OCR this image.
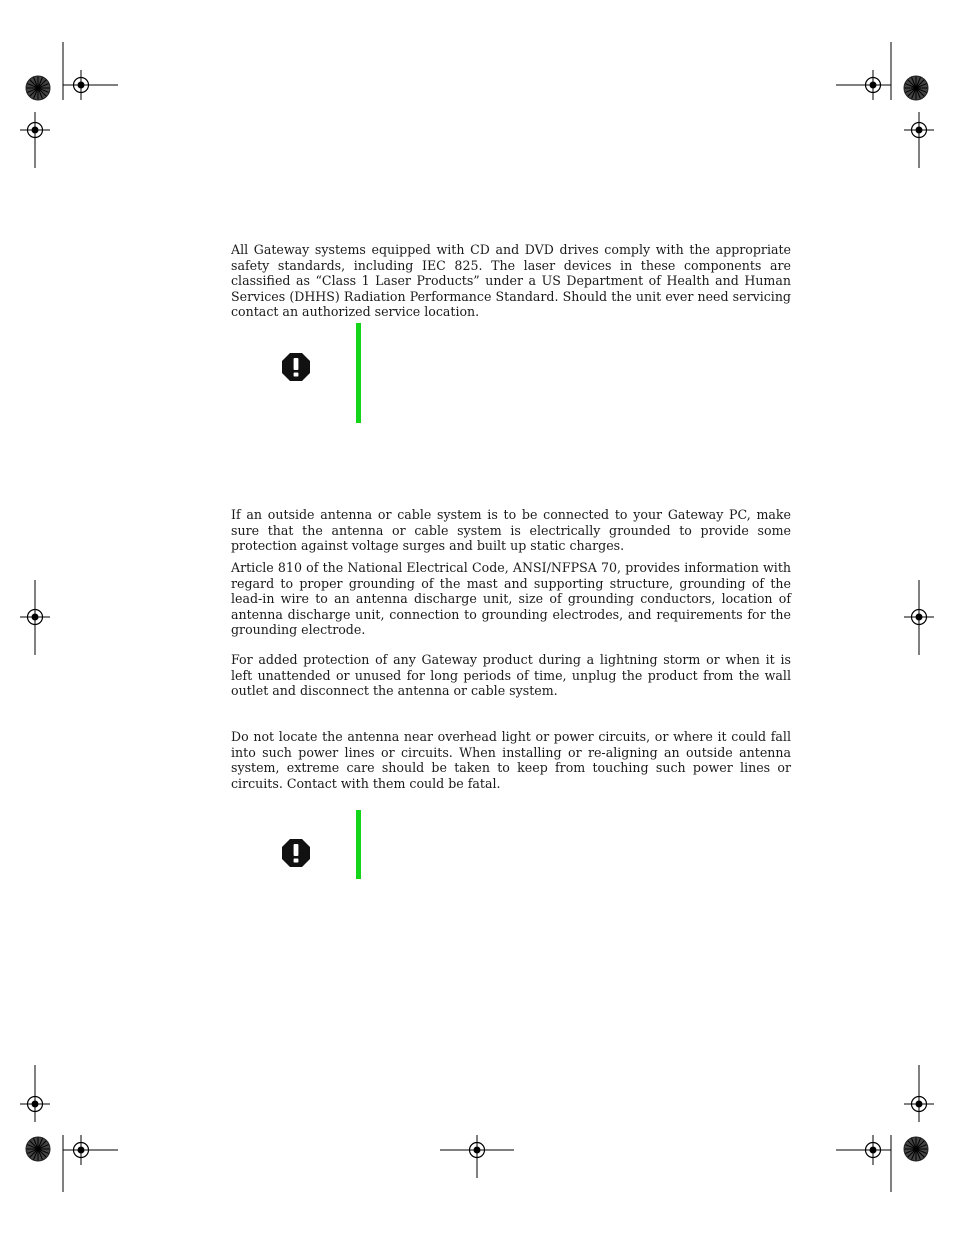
All Gateway systems equipped with CD and DVD drives comply with the appropriate safety standards, including IEC 825. The laser devices in these components are classified as “Class 1 Laser Products” under a US Department of Health and Human Services (DHHS) Radiation Performance Standard. Should the unit ever need servicing contact an authorized service location.

If an outside antenna or cable system is to be connected to your Gateway PC, make sure that the antenna or cable system is electrically grounded to provide some protection against voltage surges and built up static charges.

Article 810 of the National Electrical Code, ANSI/NFPSA 70, provides information with regard to proper grounding of the mast and supporting structure, grounding of the lead-in wire to an antenna discharge unit, size of grounding conductors, location of antenna discharge unit, connection to grounding electrodes, and requirements for the grounding electrode.

For added protection of any Gateway product during a lightning storm or when it is left unattended or unused for long periods of time, unplug the product from the wall outlet and disconnect the antenna or cable system.

Do not locate the antenna near overhead light or power circuits, or where it could fall into such power lines or circuits. When installing or re-aligning an outside antenna system, extreme care should be taken to keep from touching such power lines or circuits. Contact with them could be fatal.
